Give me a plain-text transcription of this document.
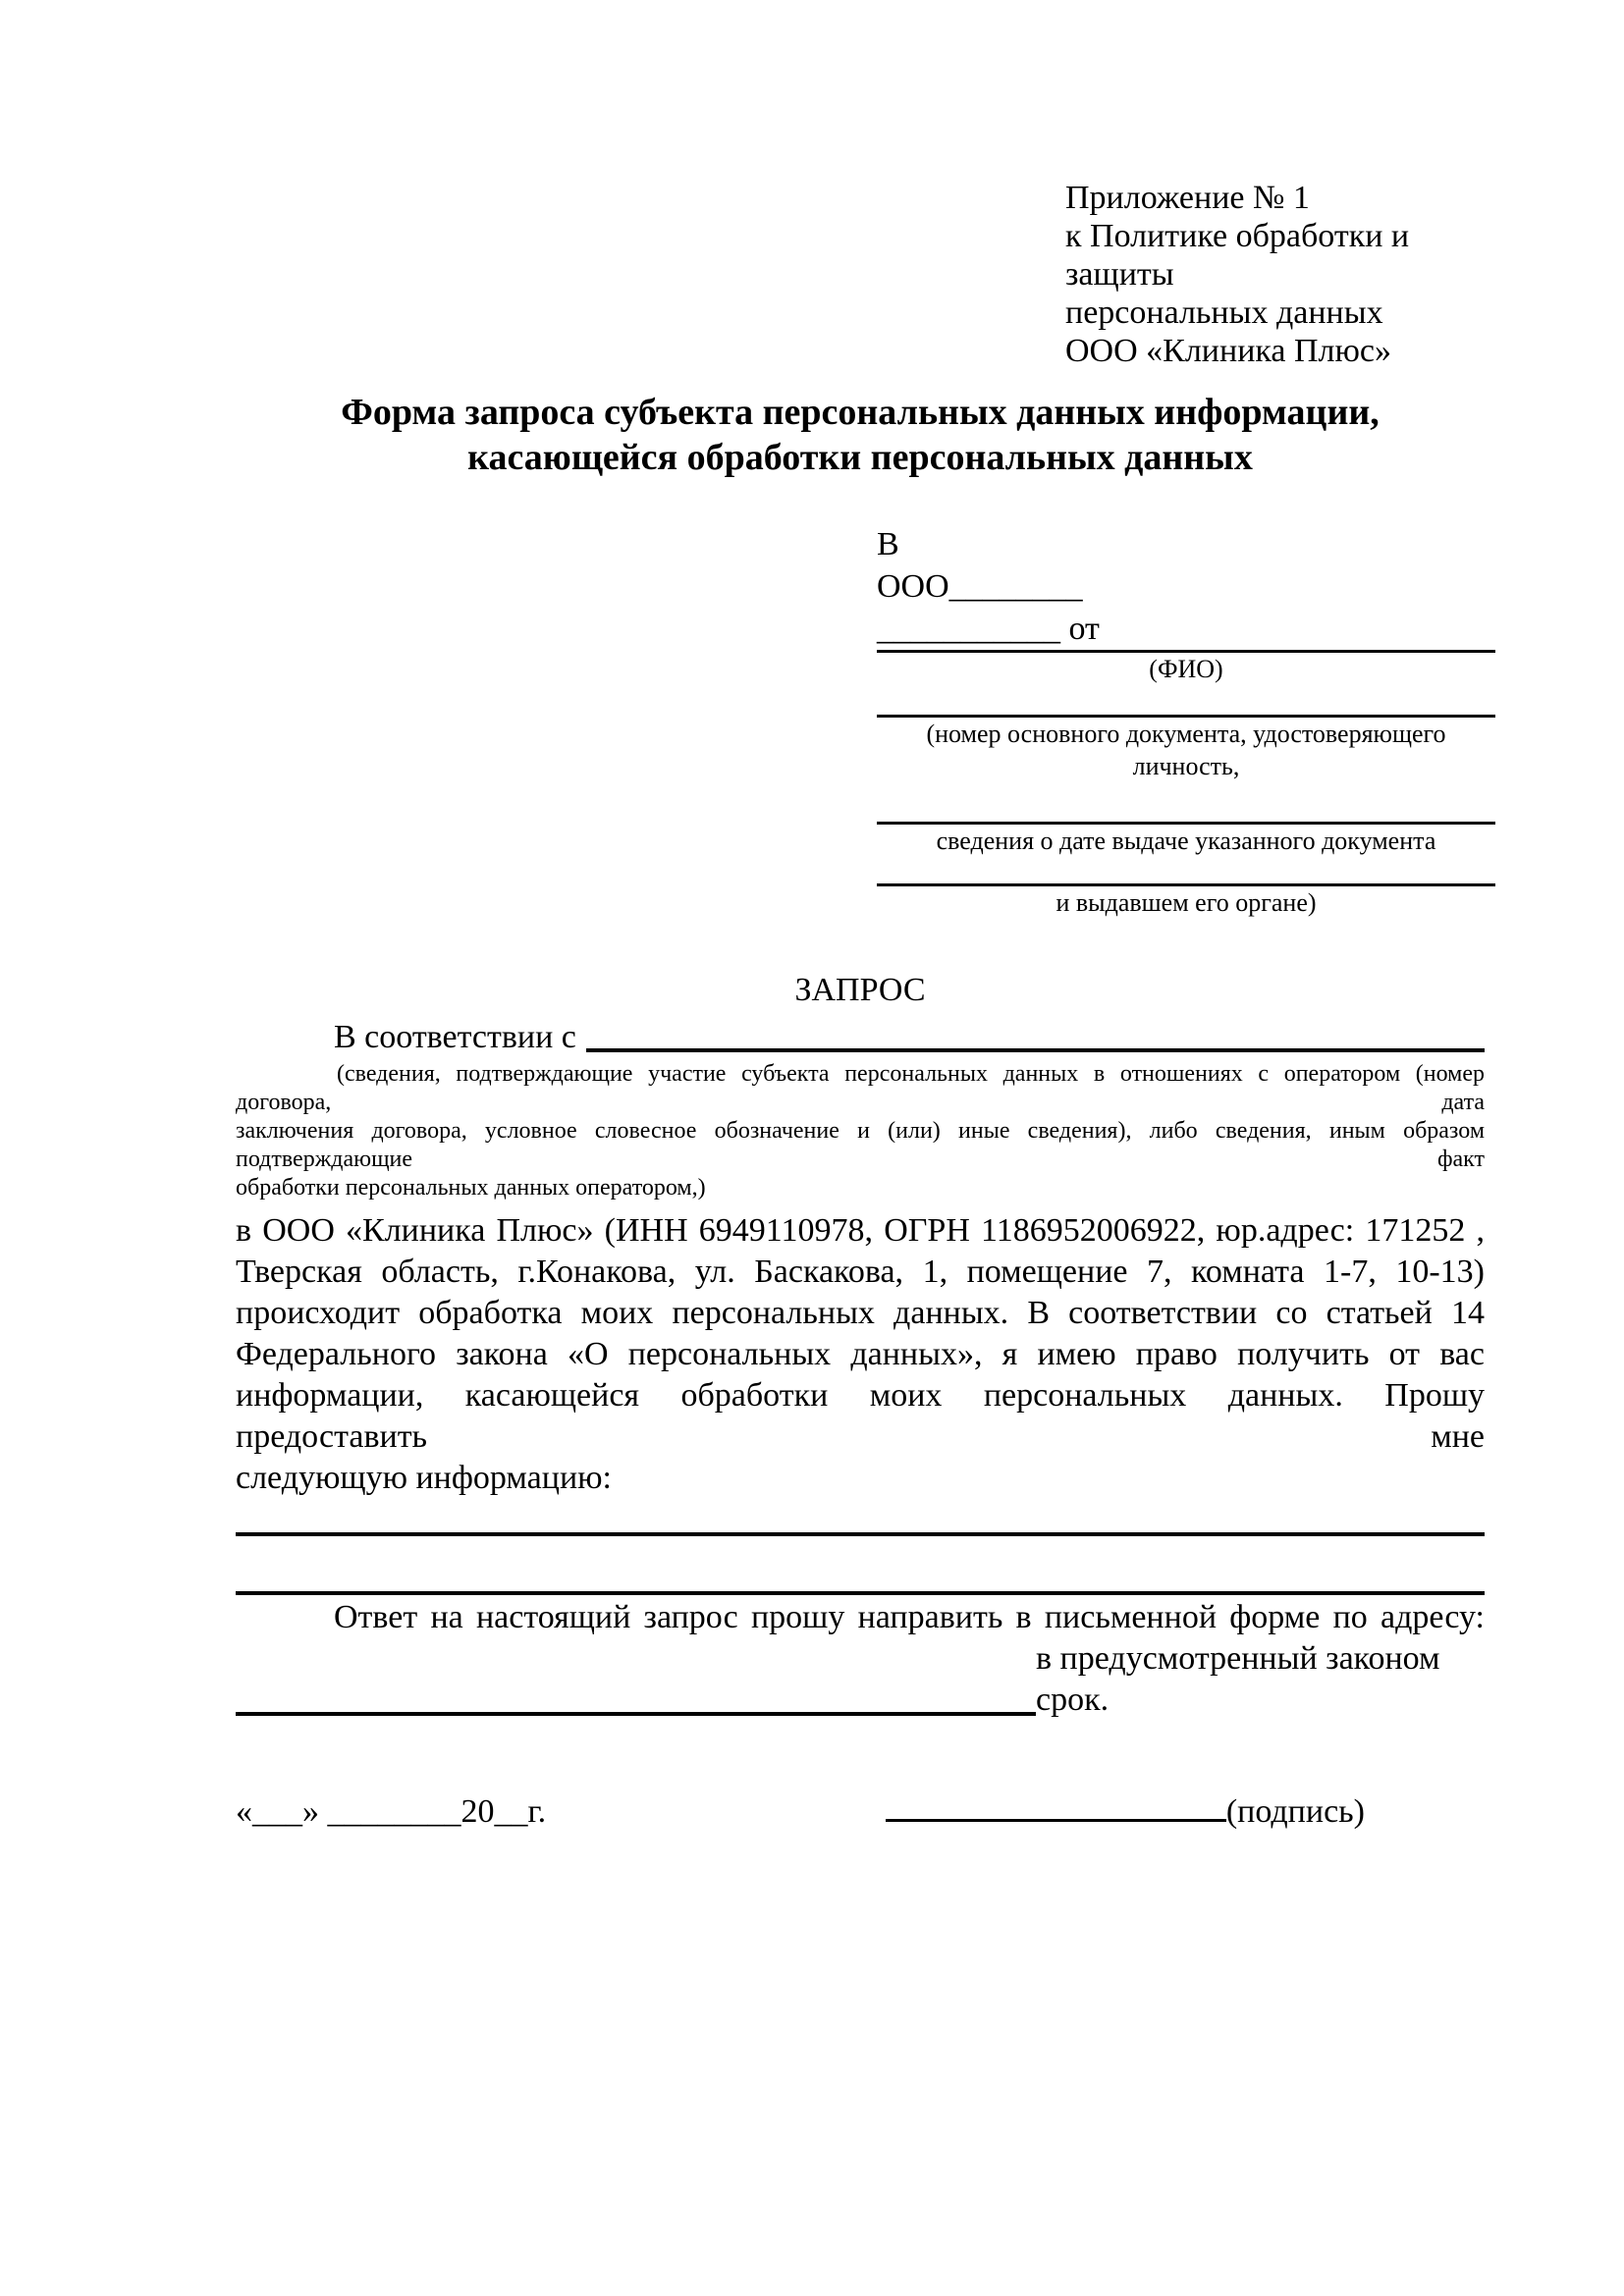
Приложение № 1
к Политике обработки и защиты
персональных данных
ООО «Клиника Плюс»
Форма запроса субъекта персональных данных информации,
касающейся обработки персональных данных
В
ООО________
___________ от
(ФИО)
(номер основного документа, удостоверяющего личность,
сведения о дате выдаче указанного документа
и выдавшем его органе)
ЗАПРОС
В соответствии с
(сведения, подтверждающие участие субъекта персональных данных в отношениях с оператором (номер договора, дата
заключения договора, условное словесное обозначение и (или) иные сведения), либо сведения, иным образом подтверждающие факт
обработки персональных данных оператором,)
в ООО «Клиника Плюс» (ИНН 6949110978, ОГРН 1186952006922, юр.адрес: 171252 ,
Тверская область, г.Конакова, ул. Баскакова, 1, помещение 7, комната 1-7, 10-13)
происходит обработка моих персональных данных. В соответствии со статьей 14
Федерального закона «О персональных данных», я имею право получить от вас
информации, касающейся обработки моих персональных данных. Прошу предоставить мне
следующую информацию:
Ответ на настоящий запрос прошу направить в письменной форме по адресу:
в предусмотренный законом срок.
«___» ________20__г.	(подпись)
